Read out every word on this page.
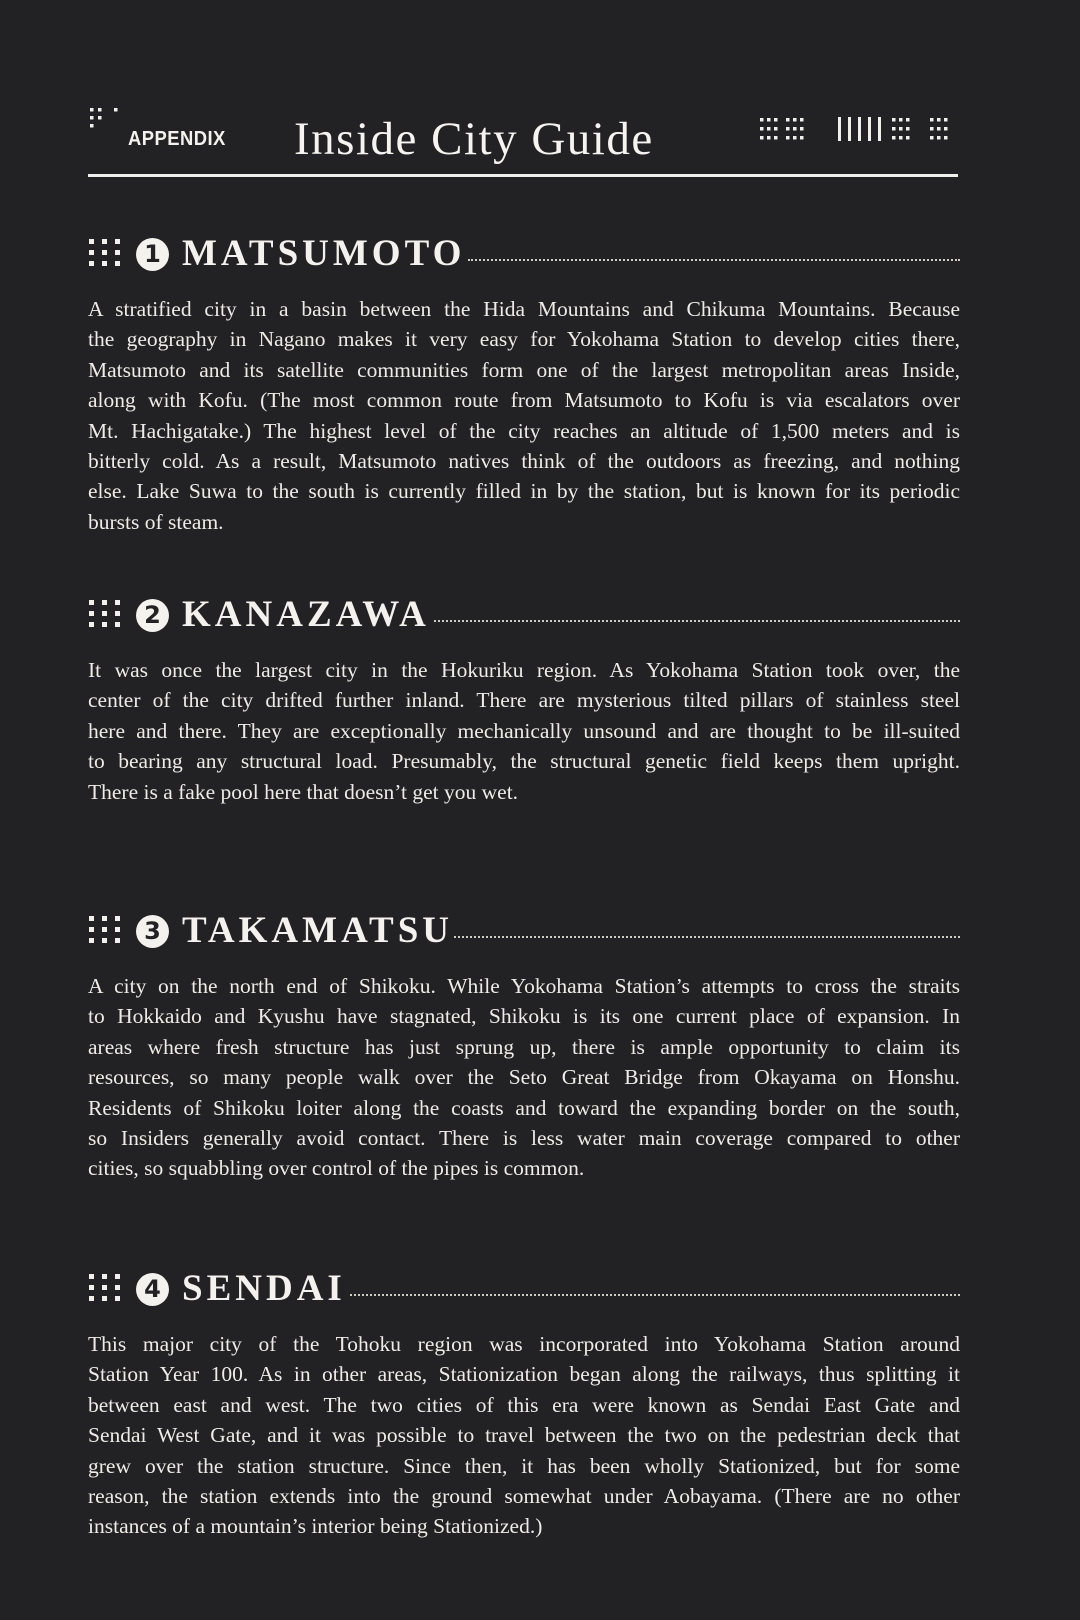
APPENDIX Inside City Guide
1 MATSUMOTO
A stratified city in a basin between the Hida Mountains and Chikuma Mountains. Because
the geography in Nagano makes it very easy for Yokohama Station to develop cities there,
Matsumoto and its satellite communities form one of the largest metropolitan areas Inside,
along with Kofu. (The most common route from Matsumoto to Kofu is via escalators over
Mt. Hachigatake.) The highest level of the city reaches an altitude of 1,500 meters and is
bitterly cold. As a result, Matsumoto natives think of the outdoors as freezing, and nothing
else. Lake Suwa to the south is currently filled in by the station, but is known for its periodic
bursts of steam.
2 KANAZAWA
It was once the largest city in the Hokuriku region. As Yokohama Station took over, the
center of the city drifted further inland. There are mysterious tilted pillars of stainless steel
here and there. They are exceptionally mechanically unsound and are thought to be ill-suited
to bearing any structural load. Presumably, the structural genetic field keeps them upright.
There is a fake pool here that doesn’t get you wet.
3 TAKAMATSU
A city on the north end of Shikoku. While Yokohama Station’s attempts to cross the straits
to Hokkaido and Kyushu have stagnated, Shikoku is its one current place of expansion. In
areas where fresh structure has just sprung up, there is ample opportunity to claim its
resources, so many people walk over the Seto Great Bridge from Okayama on Honshu.
Residents of Shikoku loiter along the coasts and toward the expanding border on the south,
so Insiders generally avoid contact. There is less water main coverage compared to other
cities, so squabbling over control of the pipes is common.
4 SENDAI
This major city of the Tohoku region was incorporated into Yokohama Station around
Station Year 100. As in other areas, Stationization began along the railways, thus splitting it
between east and west. The two cities of this era were known as Sendai East Gate and
Sendai West Gate, and it was possible to travel between the two on the pedestrian deck that
grew over the station structure. Since then, it has been wholly Stationized, but for some
reason, the station extends into the ground somewhat under Aobayama. (There are no other
instances of a mountain’s interior being Stationized.)
